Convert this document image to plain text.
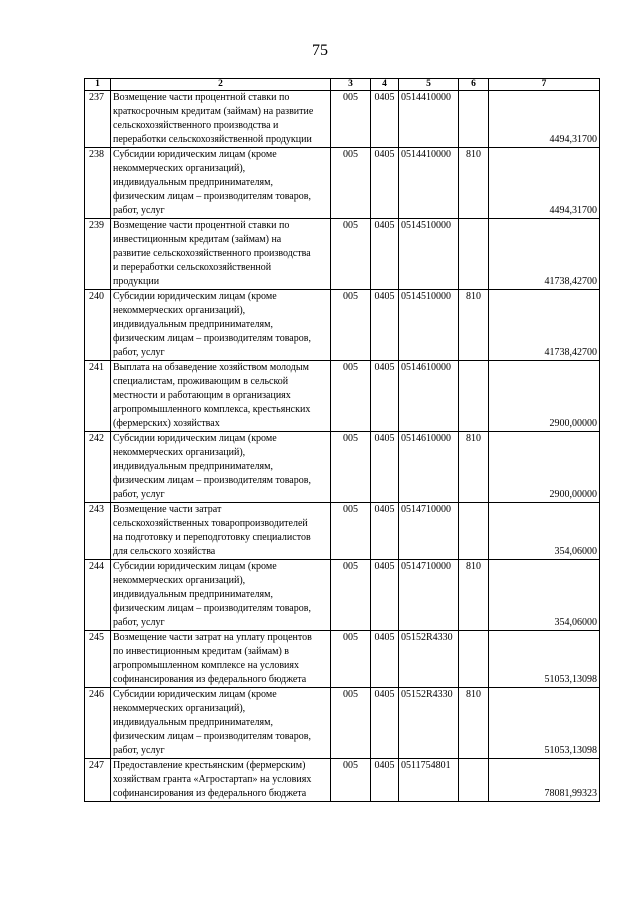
75
1	2	3	4	5	6	7
237	Возмещение части процентной ставки по
краткосрочным кредитам (займам) на развитие
сельскохозяйственного производства и
переработки сельскохозяйственной продукции	005	0405	0514410000		4494,31700
238	Субсидии юридическим лицам (кроме
некоммерческих организаций),
индивидуальным предпринимателям,
физическим лицам – производителям товаров,
работ, услуг	005	0405	0514410000	810	4494,31700
239	Возмещение части процентной ставки по
инвестиционным кредитам (займам) на
развитие сельскохозяйственного производства
и переработки сельскохозяйственной
продукции	005	0405	0514510000		41738,42700
240	Субсидии юридическим лицам (кроме
некоммерческих организаций),
индивидуальным предпринимателям,
физическим лицам – производителям товаров,
работ, услуг	005	0405	0514510000	810	41738,42700
241	Выплата на обзаведение хозяйством молодым
специалистам, проживающим в сельской
местности и работающим в организациях
агропромышленного комплекса, крестьянских
(фермерских) хозяйствах	005	0405	0514610000		2900,00000
242	Субсидии юридическим лицам (кроме
некоммерческих организаций),
индивидуальным предпринимателям,
физическим лицам – производителям товаров,
работ, услуг	005	0405	0514610000	810	2900,00000
243	Возмещение части затрат
сельскохозяйственных товаропроизводителей
на подготовку и переподготовку специалистов
для сельского хозяйства	005	0405	0514710000		354,06000
244	Субсидии юридическим лицам (кроме
некоммерческих организаций),
индивидуальным предпринимателям,
физическим лицам – производителям товаров,
работ, услуг	005	0405	0514710000	810	354,06000
245	Возмещение части затрат на уплату процентов
по инвестиционным кредитам (займам) в
агропромышленном комплексе на условиях
софинансирования из федерального бюджета	005	0405	05152R4330		51053,13098
246	Субсидии юридическим лицам (кроме
некоммерческих организаций),
индивидуальным предпринимателям,
физическим лицам – производителям товаров,
работ, услуг	005	0405	05152R4330	810	51053,13098
247	Предоставление крестьянским (фермерским)
хозяйствам гранта «Агростартап» на условиях
софинансирования из федерального бюджета	005	0405	0511754801		78081,99323
